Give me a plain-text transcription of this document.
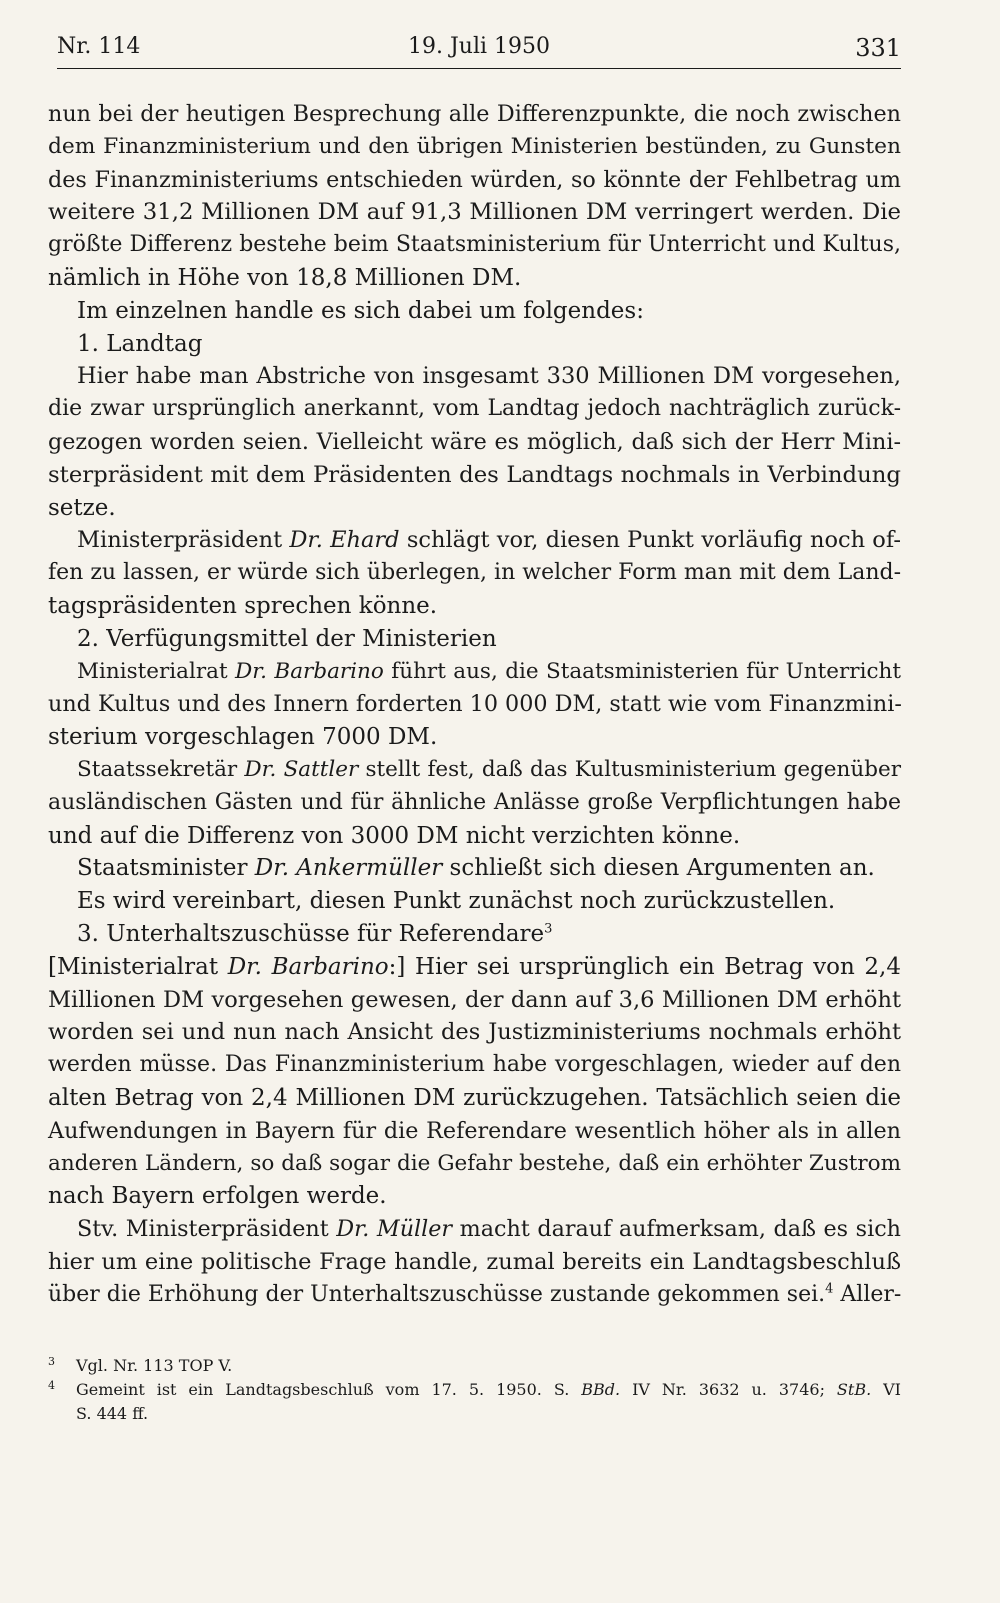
Nr. 114	19. Juli 1950	331
nun bei der heutigen Besprechung alle Differenzpunkte, die noch zwischen
dem Finanzministerium und den übrigen Ministerien bestünden, zu Gunsten
des Finanzministeriums entschieden würden, so könnte der Fehlbetrag um
weitere 31,2 Millionen DM auf 91,3 Millionen DM verringert werden. Die
größte Differenz bestehe beim Staatsministerium für Unterricht und Kultus,
nämlich in Höhe von 18,8 Millionen DM.
Im einzelnen handle es sich dabei um folgendes:
1. Landtag
Hier habe man Abstriche von insgesamt 330 Millionen DM vorgesehen,
die zwar ursprünglich anerkannt, vom Landtag jedoch nachträglich zurück-
gezogen worden seien. Vielleicht wäre es möglich, daß sich der Herr Mini-
sterpräsident mit dem Präsidenten des Landtags nochmals in Verbindung
setze.
Ministerpräsident Dr. Ehard schlägt vor, diesen Punkt vorläufig noch of-
fen zu lassen, er würde sich überlegen, in welcher Form man mit dem Land-
tagspräsidenten sprechen könne.
2. Verfügungsmittel der Ministerien
Ministerialrat Dr. Barbarino führt aus, die Staatsministerien für Unterricht
und Kultus und des Innern forderten 10 000 DM, statt wie vom Finanzmini-
sterium vorgeschlagen 7000 DM.
Staatssekretär Dr. Sattler stellt fest, daß das Kultusministerium gegenüber
ausländischen Gästen und für ähnliche Anlässe große Verpflichtungen habe
und auf die Differenz von 3000 DM nicht verzichten könne.
Staatsminister Dr. Ankermüller schließt sich diesen Argumenten an.
Es wird vereinbart, diesen Punkt zunächst noch zurückzustellen.
3. Unterhaltszuschüsse für Referendare$^3$
[Ministerialrat Dr. Barbarino:] Hier sei ursprünglich ein Betrag von 2,4
Millionen DM vorgesehen gewesen, der dann auf 3,6 Millionen DM erhöht
worden sei und nun nach Ansicht des Justizministeriums nochmals erhöht
werden müsse. Das Finanzministerium habe vorgeschlagen, wieder auf den
alten Betrag von 2,4 Millionen DM zurückzugehen. Tatsächlich seien die
Aufwendungen in Bayern für die Referendare wesentlich höher als in allen
anderen Ländern, so daß sogar die Gefahr bestehe, daß ein erhöhter Zustrom
nach Bayern erfolgen werde.
Stv. Ministerpräsident Dr. Müller macht darauf aufmerksam, daß es sich
hier um eine politische Frage handle, zumal bereits ein Landtagsbeschluß
über die Erhöhung der Unterhaltszuschüsse zustande gekommen sei.$^4$ Aller-
3 Vgl. Nr. 113 TOP V.
4 Gemeint ist ein Landtagsbeschluß vom 17. 5. 1950. S. BBd. IV Nr. 3632 u. 3746; StB. VI
S. 444 ff.
